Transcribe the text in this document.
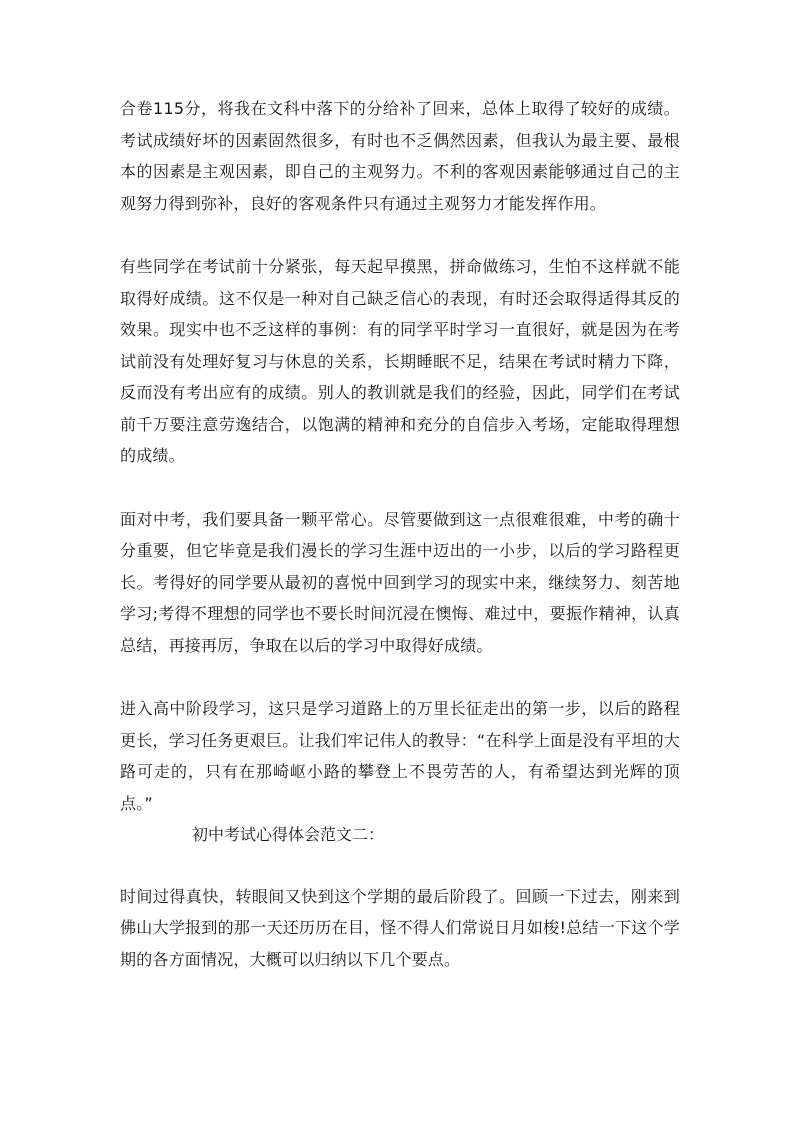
合卷115分，将我在文科中落下的分给补了回来，总体上取得了较好的成绩。考试成绩好坏的因素固然很多，有时也不乏偶然因素，但我认为最主要、最根本的因素是主观因素，即自己的主观努力。不利的客观因素能够通过自己的主观努力得到弥补，良好的客观条件只有通过主观努力才能发挥作用。

有些同学在考试前十分紧张，每天起早摸黑，拼命做练习，生怕不这样就不能取得好成绩。这不仅是一种对自己缺乏信心的表现，有时还会取得适得其反的效果。现实中也不乏这样的事例：有的同学平时学习一直很好，就是因为在考试前没有处理好复习与休息的关系，长期睡眠不足，结果在考试时精力下降，反而没有考出应有的成绩。别人的教训就是我们的经验，因此，同学们在考试前千万要注意劳逸结合，以饱满的精神和充分的自信步入考场，定能取得理想的成绩。

面对中考，我们要具备一颗平常心。尽管要做到这一点很难很难，中考的确十分重要，但它毕竟是我们漫长的学习生涯中迈出的一小步，以后的学习路程更长。考得好的同学要从最初的喜悦中回到学习的现实中来，继续努力、刻苦地学习;考得不理想的同学也不要长时间沉浸在懊悔、难过中，要振作精神，认真总结，再接再厉，争取在以后的学习中取得好成绩。

进入高中阶段学习，这只是学习道路上的万里长征走出的第一步，以后的路程更长，学习任务更艰巨。让我们牢记伟人的教导：“在科学上面是没有平坦的大路可走的，只有在那崎岖小路的攀登上不畏劳苦的人，有希望达到光辉的顶点。”

初中考试心得体会范文二：

时间过得真快，转眼间又快到这个学期的最后阶段了。回顾一下过去，刚来到佛山大学报到的那一天还历历在目，怪不得人们常说日月如梭!总结一下这个学期的各方面情况，大概可以归纳以下几个要点。
